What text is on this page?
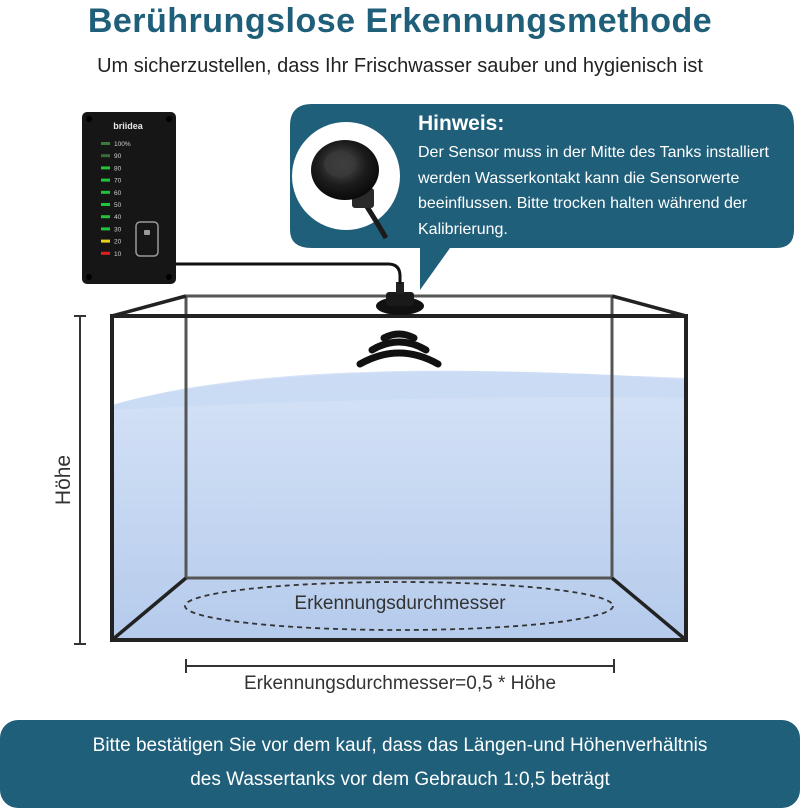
Berührungslose Erkennungsmethode
Um sicherzustellen, dass Ihr Frischwasser sauber und hygienisch ist
100%
90
80
70
60
50
40
30
20
10
briidea	Hinweis:
Der Sensor muss in der Mitte des Tanks installiert werden Wasserkontakt kann die Sensorwerte beeinflussen. Bitte trocken halten während der Kalibrierung.
Erkennungsdurchmesser
Höhe
Erkennungsdurchmesser=0,5 * Höhe
Bitte bestätigen Sie vor dem kauf, dass das Längen-und Höhenverhältnis
des Wassertanks vor dem Gebrauch 1:0,5 beträgt
